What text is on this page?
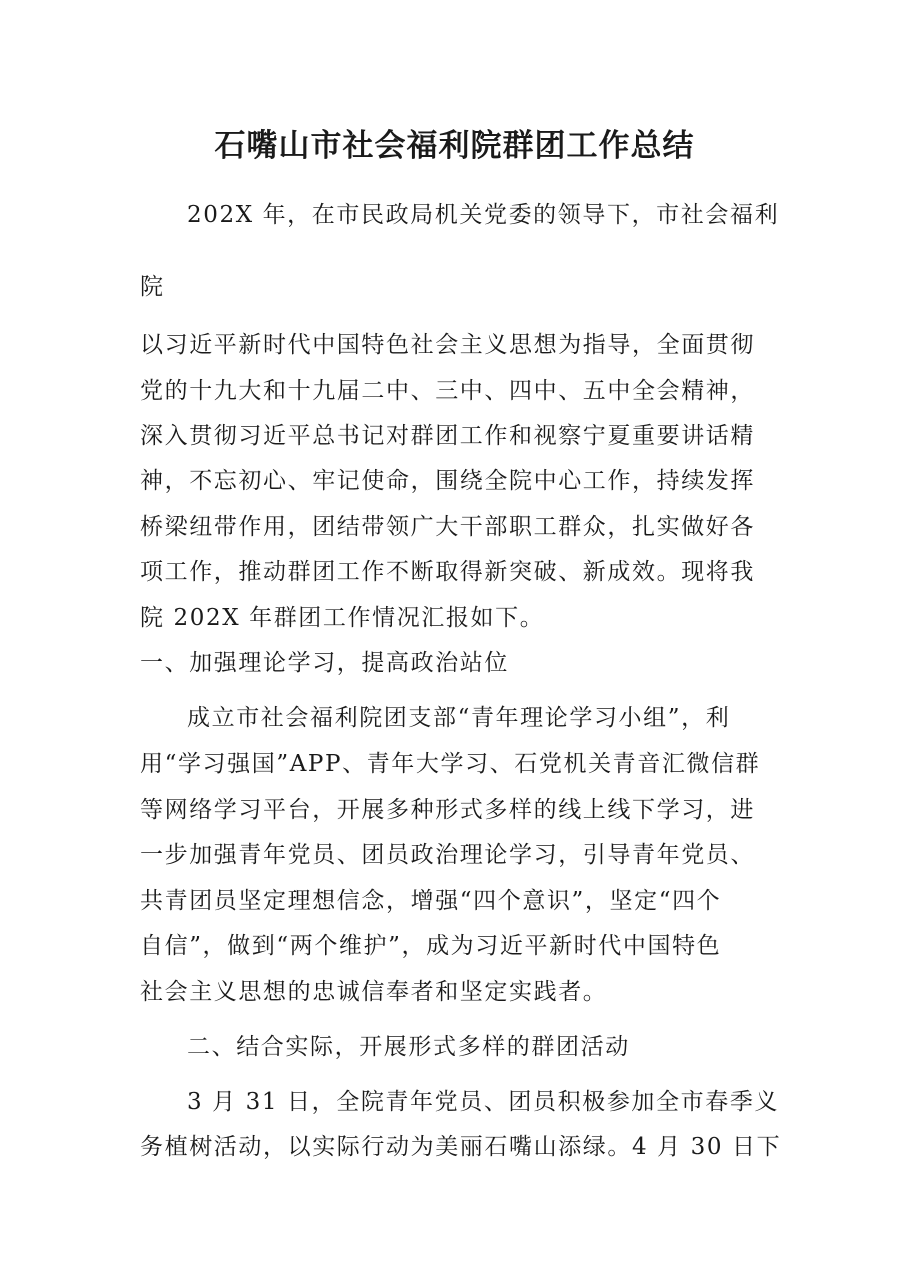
石嘴山市社会福利院群团工作总结
202X 年，在市民政局机关党委的领导下，市社会福利
院
以习近平新时代中国特色社会主义思想为指导，全面贯彻
党的十九大和十九届二中、三中、四中、五中全会精神，
深入贯彻习近平总书记对群团工作和视察宁夏重要讲话精
神，不忘初心、牢记使命，围绕全院中心工作，持续发挥
桥梁纽带作用，团结带领广大干部职工群众，扎实做好各
项工作，推动群团工作不断取得新突破、新成效。现将我
院 202X 年群团工作情况汇报如下。
一、加强理论学习，提高政治站位
成立市社会福利院团支部“青年理论学习小组”，利
用“学习强国”APP、青年大学习、石党机关青音汇微信群
等网络学习平台，开展多种形式多样的线上线下学习，进
一步加强青年党员、团员政治理论学习，引导青年党员、
共青团员坚定理想信念，增强“四个意识”，坚定“四个
自信”，做到“两个维护”，成为习近平新时代中国特色
社会主义思想的忠诚信奉者和坚定实践者。
二、结合实际，开展形式多样的群团活动
3 月 31 日，全院青年党员、团员积极参加全市春季义
务植树活动，以实际行动为美丽石嘴山添绿。4 月 30 日下
